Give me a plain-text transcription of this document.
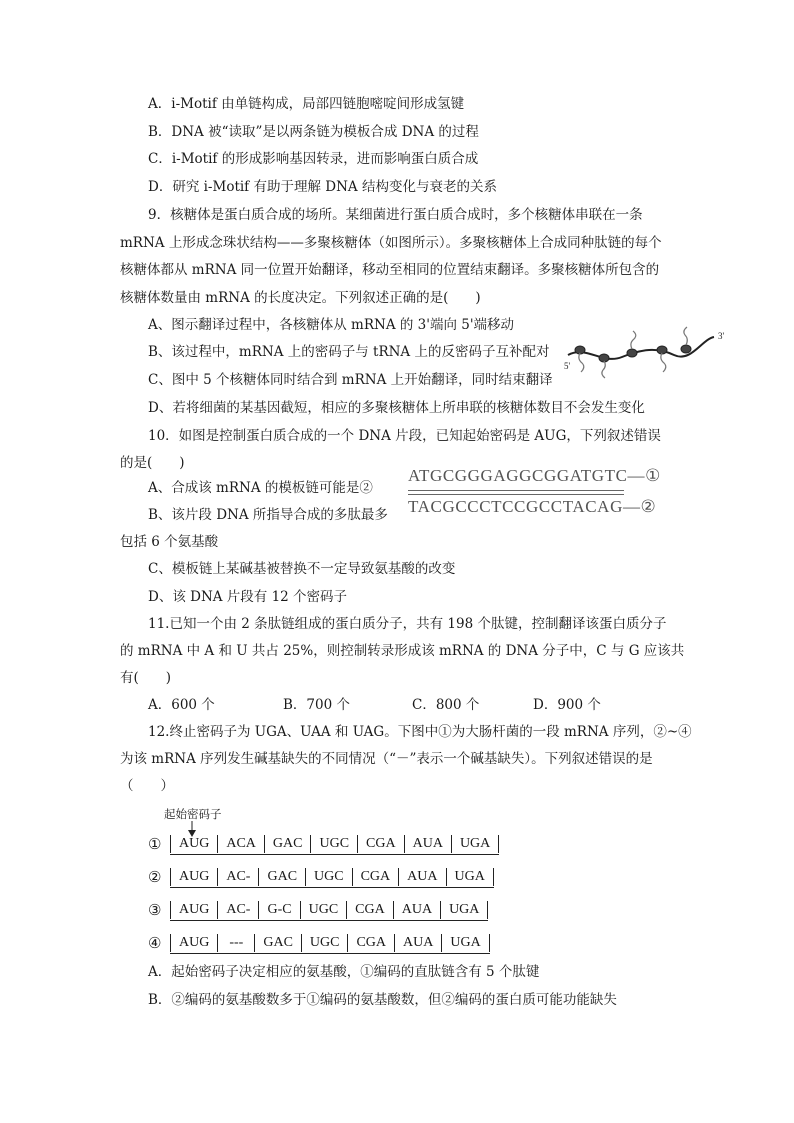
A．i-Motif 由单链构成，局部四链胞嘧啶间形成氢键
B．DNA 被“读取”是以两条链为模板合成 DNA 的过程
C．i-Motif 的形成影响基因转录，进而影响蛋白质合成
D．研究 i-Motif 有助于理解 DNA 结构变化与衰老的关系
9．核糖体是蛋白质合成的场所。某细菌进行蛋白质合成时，多个核糖体串联在一条
mRNA 上形成念珠状结构——多聚核糖体（如图所示）。多聚核糖体上合成同种肽链的每个
核糖体都从 mRNA 同一位置开始翻译，移动至相同的位置结束翻译。多聚核糖体所包含的
核糖体数量由 mRNA 的长度决定。下列叙述正确的是(　　)
A、图示翻译过程中，各核糖体从 mRNA 的 3'端向 5'端移动
B、该过程中，mRNA 上的密码子与 tRNA 上的反密码子互补配对
C、图中 5 个核糖体同时结合到 mRNA 上开始翻译，同时结束翻译
D、若将细菌的某基因截短，相应的多聚核糖体上所串联的核糖体数目不会发生变化
3'
5'
10．如图是控制蛋白质合成的一个 DNA 片段，已知起始密码是 AUG，下列叙述错误
的是(　　)
ATGCGGGAGGCGGATGTC—①
TACGCCCTCCGCCTACAG—②
A、合成该 mRNA 的模板链可能是②
B、该片段 DNA 所指导合成的多肽最多
包括 6 个氨基酸
C、模板链上某碱基被替换不一定导致氨基酸的改变
D、该 DNA 片段有 12 个密码子
11.已知一个由 2 条肽链组成的蛋白质分子，共有 198 个肽键，控制翻译该蛋白质分子
的 mRNA 中 A 和 U 共占 25%，则控制转录形成该 mRNA 的 DNA 分子中，C 与 G 应该共
有(　　)
A．600 个	B．700 个	C．800 个	D．900 个
12.终止密码子为 UGA、UAA 和 UAG。下图中①为大肠杆菌的一段 mRNA 序列，②~④
为该 mRNA 序列发生碱基缺失的不同情况（“－”表示一个碱基缺失）。下列叙述错误的是
（　　）
起始密码子
①	AUG	ACA	GAC	UGC	CGA	AUA	UGA
②	AUG	AC-	GAC	UGC	CGA	AUA	UGA
③	AUG	AC-	G-C	UGC	CGA	AUA	UGA
④	AUG	---	GAC	UGC	CGA	AUA	UGA
A．起始密码子决定相应的氨基酸，①编码的直肽链含有 5 个肽键
B．②编码的氨基酸数多于①编码的氨基酸数，但②编码的蛋白质可能功能缺失
